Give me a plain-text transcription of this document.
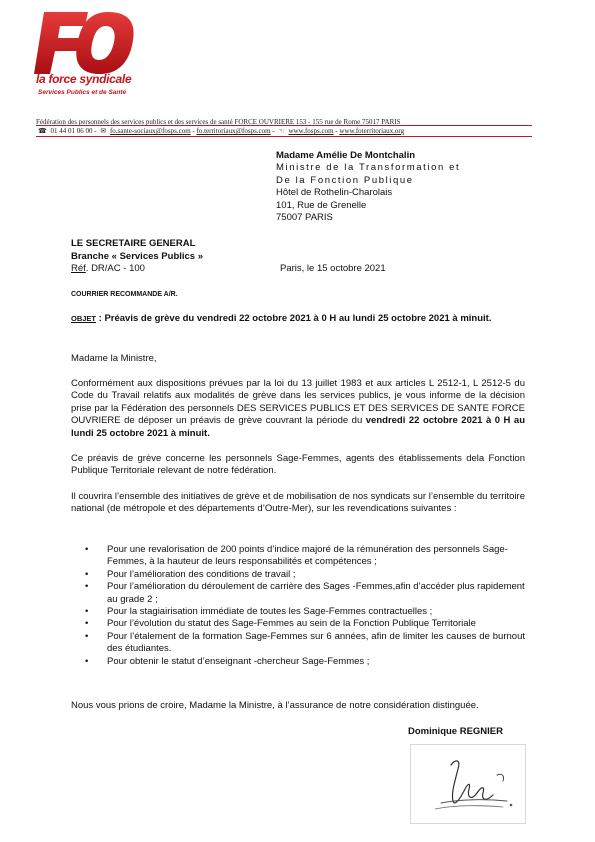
la force syndicale
Services Publics et de Santé
Fédération des personnels des services publics et des services de santé FORCE OUVRIERE 153 - 155 rue de Rome 75017 PARIS
☎ 01 44 01 06 00 - ✉ fo.sante-sociaux@fosps.com - fo.territoriaux@fosps.com - ☜ www.fosps.com - www.foterritoriaux.org
Madame Amélie De Montchalin
Ministre de la Transformation et
De la Fonction Publique
Hôtel de Rothelin-Charolais
101, Rue de Grenelle
75007 PARIS
LE SECRETAIRE GENERAL
Branche « Services Publics »
Réf. DR/AC - 100	Paris, le 15 octobre 2021
COURRIER RECOMMANDE A/R.
OBJET : Préavis de grève du vendredi 22 octobre 2021 à 0 H au lundi 25 octobre 2021 à minuit.
Madame la Ministre,
Conformément aux dispositions prévues par la loi du 13 juillet 1983 et aux articles L 2512-1, L 2512-5 du Code du Travail relatifs aux modalités de grève dans les services publics, je vous informe de la décision prise par la Fédération des personnels DES SERVICES PUBLICS ET DES SERVICES DE SANTE FORCE OUVRIERE de déposer un préavis de grève couvrant la période du vendredi 22 octobre 2021 à 0 H au lundi 25 octobre 2021 à minuit.
Ce préavis de grève concerne les personnels Sage-Femmes, agents des établissements dela Fonction Publique Territoriale relevant de notre fédération.
Il couvrira l’ensemble des initiatives de grève et de mobilisation de nos syndicats sur l’ensemble du territoire national (de métropole et des départements d’Outre-Mer), sur les revendications suivantes :
• Pour une revalorisation de 200 points d’indice majoré de la rémunération des personnels Sage-Femmes, à la hauteur de leurs responsabilités et compétences ;
• Pour l’amélioration des conditions de travail ;
• Pour l’amélioration du déroulement de carrière des Sages -Femmes,afin d’accéder plus rapidement au grade 2 ;
• Pour la stagiairisation immédiate de toutes les Sage-Femmes contractuelles ;
• Pour l’évolution du statut des Sage-Femmes au sein de la Fonction Publique Territoriale
• Pour l’étalement de la formation Sage-Femmes sur 6 années, afin de limiter les causes de burnout des étudiantes.
• Pour obtenir le statut d’enseignant -chercheur Sage-Femmes ;
Nous vous prions de croire, Madame la Ministre, à l’assurance de notre considération distinguée.
Dominique REGNIER
